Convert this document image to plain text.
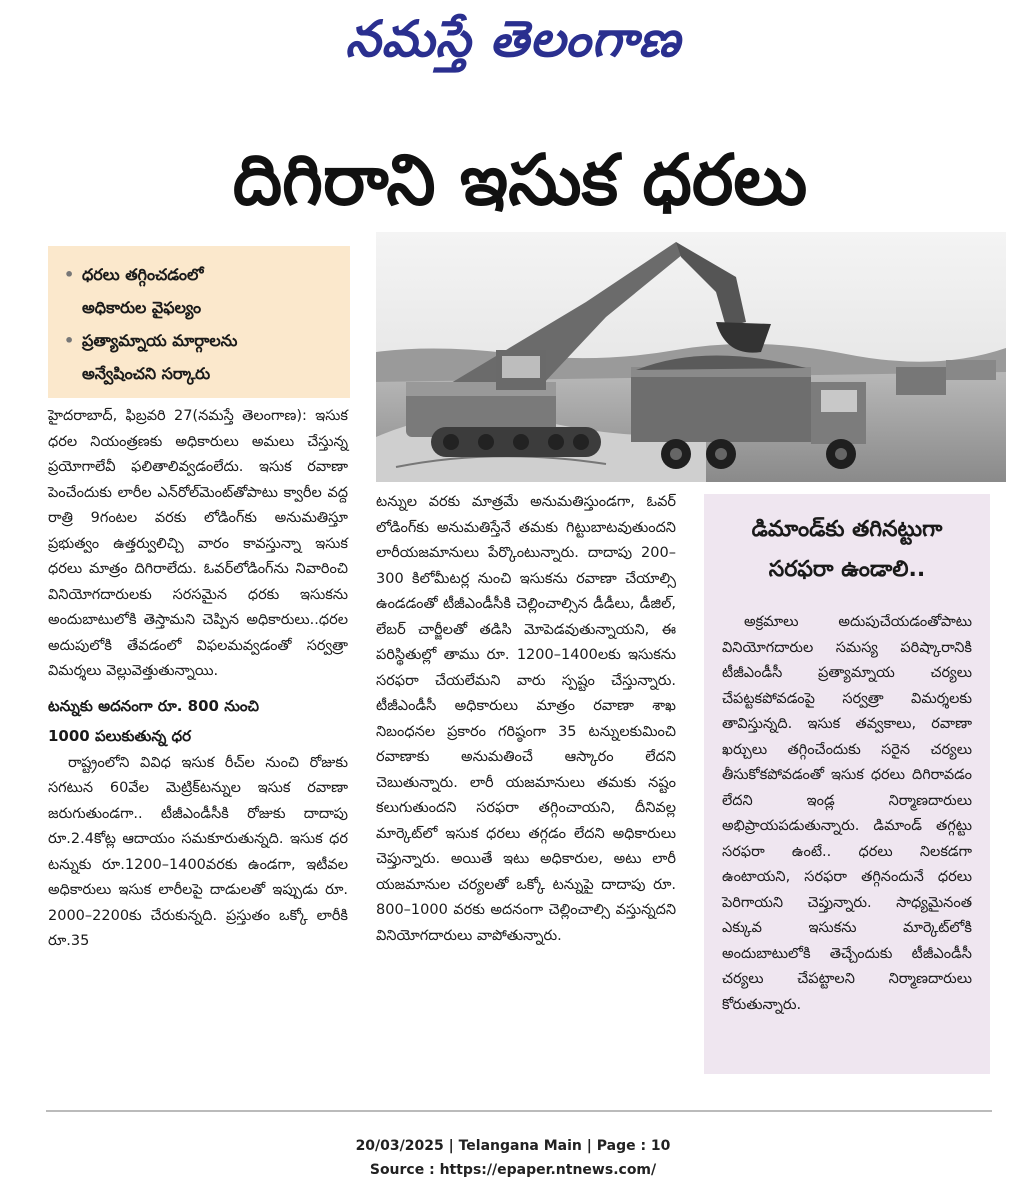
నమస్తే తెలంగాణ
దిగిరాని ఇసుక ధరలు
• ధరలు తగ్గించడంలో
అధికారుల వైఫల్యం
• ప్రత్యామ్నాయ మార్గాలను
అన్వేషించని సర్కారు

హైదరాబాద్, ఫిబ్రవరి 27(నమస్తే తెలంగాణ): ఇసుక ధరల నియంత్రణకు అధికారులు అమలు చేస్తున్న ప్రయోగాలేవీ ఫలితాలివ్వడంలేదు. ఇసుక రవాణా పెంచేందుకు లారీల ఎన్‌రోల్‌మెంట్‌తోపాటు క్వారీల వద్ద రాత్రి 9గంటల వరకు లోడింగ్‌కు అనుమతిస్తూ ప్రభుత్వం ఉత్తర్వులిచ్చి వారం కావస్తున్నా ఇసుక ధరలు మాత్రం దిగిరాలేదు. ఓవర్‌లోడింగ్‌ను నివారించి వినియోగదారులకు సరసమైన ధరకు ఇసుకను అందుబాటులోకి తెస్తామని చెప్పిన అధికారులు..ధరల అదుపులోకి తేవడంలో విఫలమవ్వడంతో సర్వత్రా విమర్శలు వెల్లువెత్తుతున్నాయి.

టన్నుకు అదనంగా రూ. 800 నుంచి
1000 పలుకుతున్న ధర

రాష్ట్రంలోని వివిధ ఇసుక రీచ్‌ల నుంచి రోజుకు సగటున 60వేల మెట్రిక్‌టన్నుల ఇసుక రవాణా జరుగుతుండగా.. టీజీఎండీసీకి రోజుకు దాదాపు రూ.2.4కోట్ల ఆదాయం సమకూరుతున్నది. ఇసుక ధర టన్నుకు రూ.1200–1400వరకు ఉండగా, ఇటీవల అధికారులు ఇసుక లారీలపై దాడులతో ఇప్పుడు రూ. 2000–2200కు చేరుకున్నది. ప్రస్తుతం ఒక్కో లారీకి రూ.35

టన్నుల వరకు మాత్రమే అనుమతిస్తుండగా, ఓవర్ లోడింగ్‌కు అనుమతిస్తేనే తమకు గిట్టుబాటవుతుందని లారీయజమానులు పేర్కొంటున్నారు. దాదాపు 200–300 కిలోమీటర్ల నుంచి ఇసుకను రవాణా చేయాల్సి ఉండడంతో టీజీఎండీసీకి చెల్లించాల్సిన డీడీలు, డీజిల్, లేబర్ చార్జీలతో తడిసి మోపెడవుతున్నాయని, ఈ పరిస్థితుల్లో తాము రూ. 1200–1400లకు ఇసుకను సరఫరా చేయలేమని వారు స్పష్టం చేస్తున్నారు. టీజీఎండీసీ అధికారులు మాత్రం రవాణా శాఖ నిబంధనల ప్రకారం గరిష్ఠంగా 35 టన్నులకుమించి రవాణాకు అనుమతించే ఆస్కారం లేదని చెబుతున్నారు. లారీ యజమానులు తమకు నష్టం కలుగుతుందని సరఫరా తగ్గించాయని, దీనివల్ల మార్కెట్‌లో ఇసుక ధరలు తగ్గడం లేదని అధికారులు చెప్తున్నారు. అయితే ఇటు అధికారుల, అటు లారీ యజమానుల చర్యలతో ఒక్కో టన్నుపై దాదాపు రూ. 800–1000 వరకు అదనంగా చెల్లించాల్సి వస్తున్నదని వినియోగదారులు వాపోతున్నారు.

డిమాండ్‌కు తగినట్టుగా
సరఫరా ఉండాలి..

అక్రమాలు అదుపుచేయడంతోపాటు వినియోగదారుల సమస్య పరిష్కారానికి టీజీఎండీసీ ప్రత్యామ్నాయ చర్యలు చేపట్టకపోవడంపై సర్వత్రా విమర్శలకు తావిస్తున్నది. ఇసుక తవ్వకాలు, రవాణా ఖర్చులు తగ్గించేందుకు సరైన చర్యలు తీసుకోకపోవడంతో ఇసుక ధరలు దిగిరావడం లేదని ఇండ్ల నిర్మాణదారులు అభిప్రాయపడుతున్నారు. డిమాండ్ తగ్గట్టు సరఫరా ఉంటే.. ధరలు నిలకడగా ఉంటాయని, సరఫరా తగ్గినందునే ధరలు పెరిగాయని చెప్తున్నారు. సాధ్యమైనంత ఎక్కువ ఇసుకను మార్కెట్‌లోకి అందుబాటులోకి తెచ్చేందుకు టీజీఎండీసీ చర్యలు చేపట్టాలని నిర్మాణదారులు కోరుతున్నారు.

20/03/2025 | Telangana Main | Page : 10
Source : https://epaper.ntnews.com/
